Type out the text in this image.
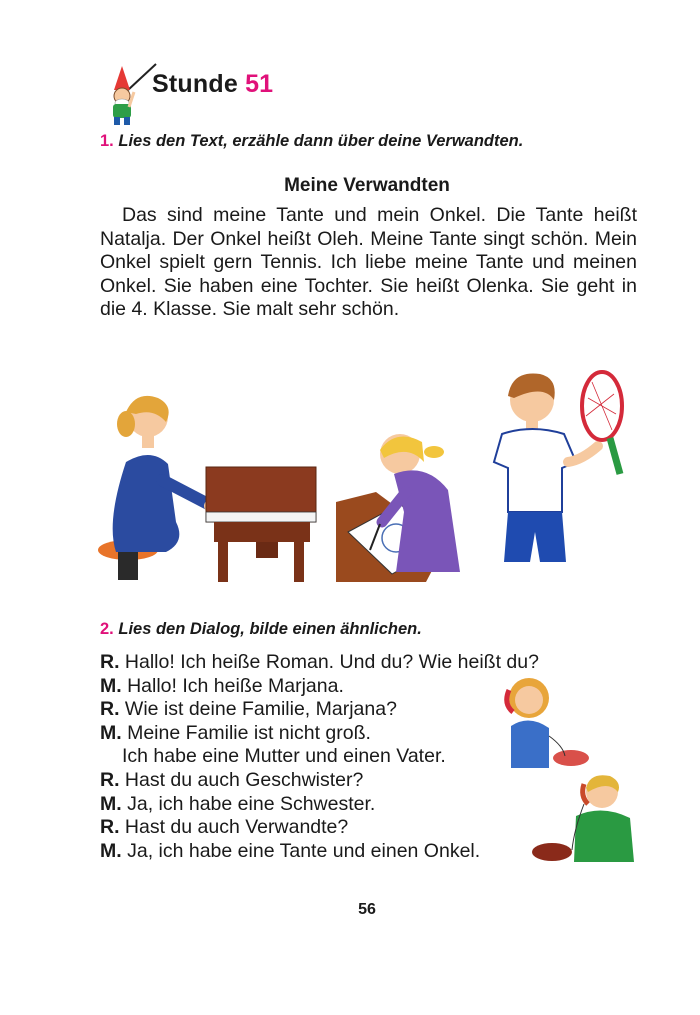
Stunde 51
1. Lies den Text, erzähle dann über deine Verwandten.
Meine Verwandten

Das sind meine Tante und mein Onkel. Die Tante heißt Natalja. Der Onkel heißt Oleh. Meine Tante singt schön. Mein Onkel spielt gern Tennis. Ich liebe meine Tante und meinen Onkel. Sie haben eine Tochter. Sie heißt Olenka. Sie geht in die 4. Klasse. Sie malt sehr schön.

2. Lies den Dialog, bilde einen ähnlichen.
R. Hallo! Ich heiße Roman. Und du? Wie heißt du?
M. Hallo! Ich heiße Marjana.
R. Wie ist deine Familie, Marjana?
M. Meine Familie ist nicht groß.
Ich habe eine Mutter und einen Vater.
R. Hast du auch Geschwister?
M. Ja, ich habe eine Schwester.
R. Hast du auch Verwandte?
M. Ja, ich habe eine Tante und einen Onkel.
56
